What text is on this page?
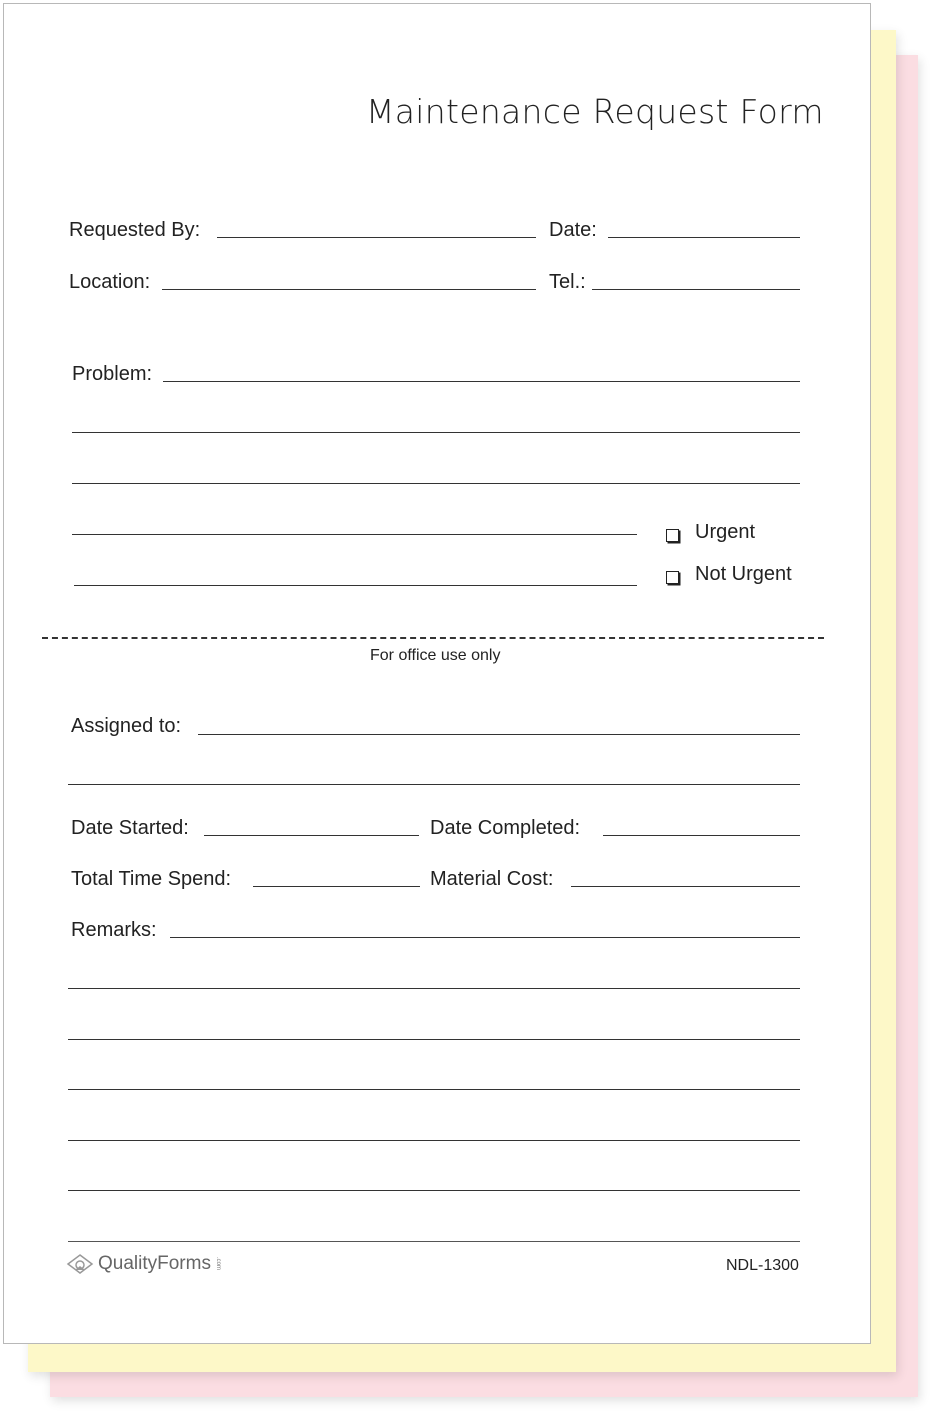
Maintenance Request Form
Requested By:	Date:
Location:	Tel.:
Problem:
Urgent
Not Urgent
For office use only
Assigned to:
Date Started:	Date Completed:
Total Time Spend:	Material Cost:
Remarks:
QualityForms .com	NDL-1300
